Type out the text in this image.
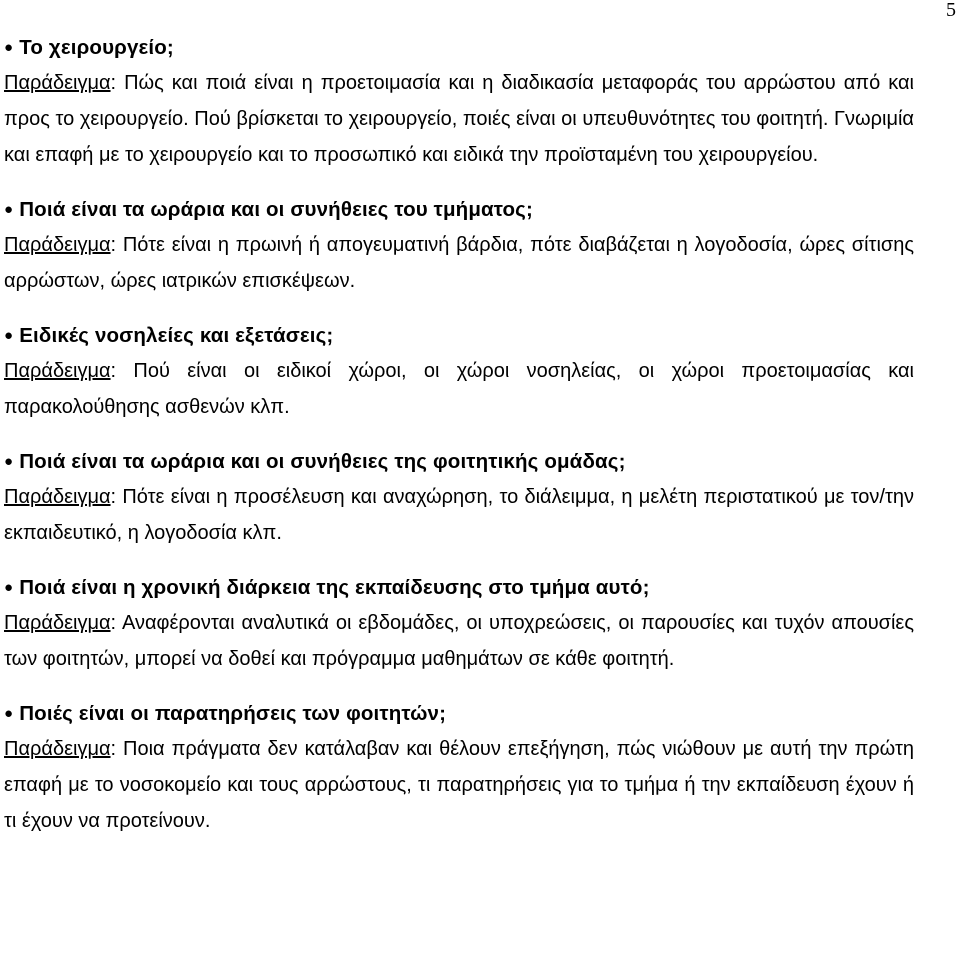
5
● Το χειρουργείο;
Παράδειγμα: Πώς και ποιά είναι η προετοιμασία και η διαδικασία μεταφοράς του αρρώστου από και προς το χειρουργείο. Πού βρίσκεται το χειρουργείο, ποιές είναι οι υπευθυνότητες του φοιτητή. Γνωριμία και επαφή με το χειρουργείο και το προσωπικό και ειδικά την προϊσταμένη του χειρουργείου.
● Ποιά είναι τα ωράρια και οι συνήθειες του τμήματος;
Παράδειγμα: Πότε είναι η πρωινή ή απογευματινή βάρδια, πότε διαβάζεται η λογοδοσία, ώρες σίτισης αρρώστων, ώρες ιατρικών επισκέψεων.
● Ειδικές νοσηλείες και εξετάσεις;
Παράδειγμα: Πού είναι οι ειδικοί χώροι, οι χώροι νοσηλείας, οι χώροι προετοιμασίας και παρακολούθησης ασθενών κλπ.
● Ποιά είναι τα ωράρια και οι συνήθειες της φοιτητικής ομάδας;
Παράδειγμα: Πότε είναι η προσέλευση και αναχώρηση, το διάλειμμα, η μελέτη περιστατικού με τον/την εκπαιδευτικό, η λογοδοσία κλπ.
● Ποιά είναι η χρονική διάρκεια της εκπαίδευσης στο τμήμα αυτό;
Παράδειγμα: Αναφέρονται αναλυτικά οι εβδομάδες, οι υποχρεώσεις, οι παρουσίες και τυχόν απουσίες των φοιτητών, μπορεί να δοθεί και πρόγραμμα μαθημάτων σε κάθε φοιτητή.
● Ποιές είναι οι παρατηρήσεις των φοιτητών;
Παράδειγμα: Ποια πράγματα δεν κατάλαβαν και θέλουν επεξήγηση, πώς νιώθουν με αυτή την πρώτη επαφή με το νοσοκομείο και τους αρρώστους, τι παρατηρήσεις για το τμήμα ή την εκπαίδευση έχουν ή τι έχουν να προτείνουν.
